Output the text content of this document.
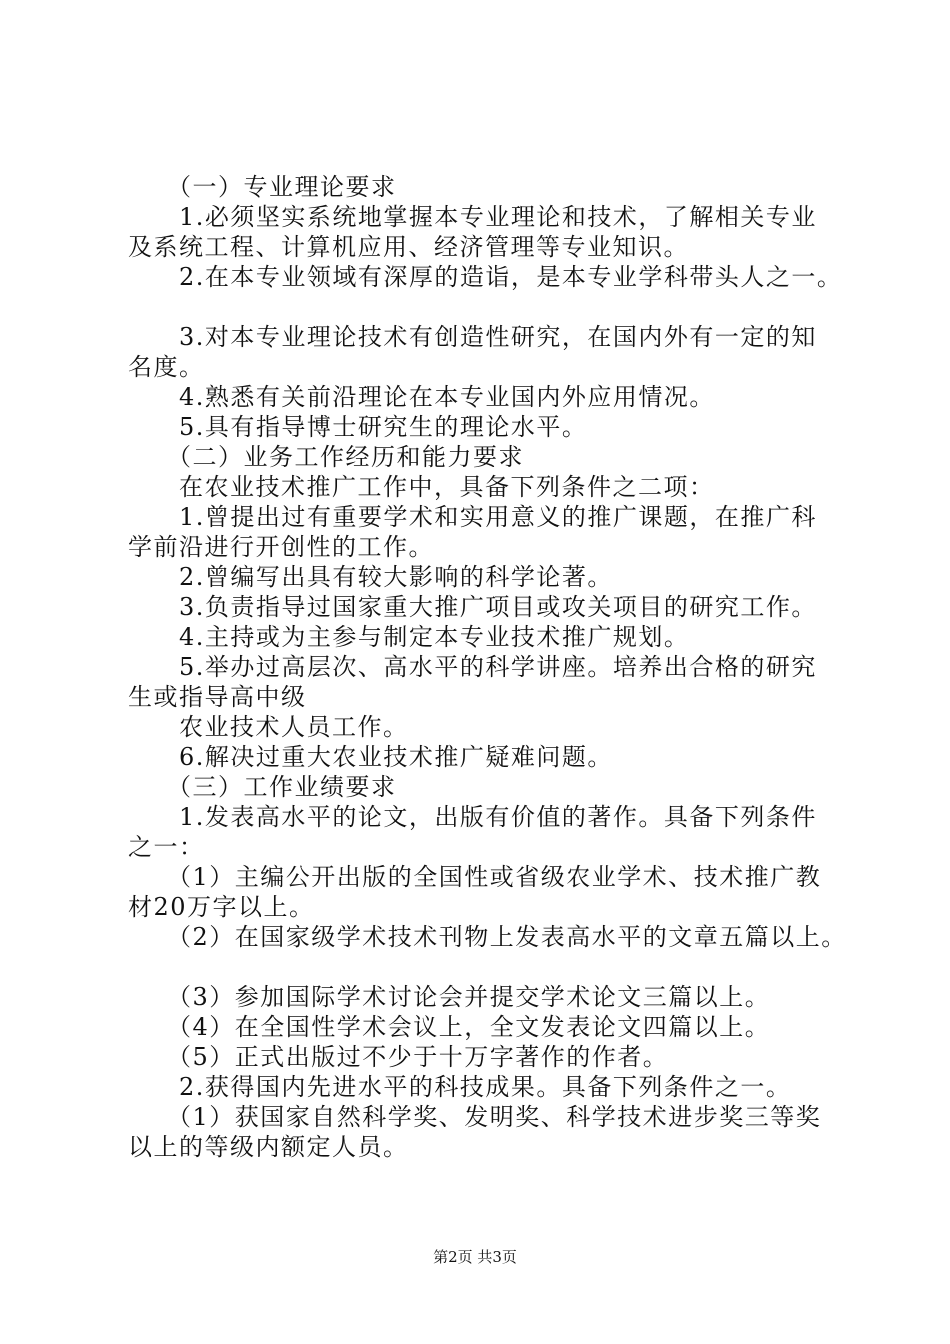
　　（一）专业理论要求
　　1.必须坚实系统地掌握本专业理论和技术，了解相关专业
及系统工程、计算机应用、经济管理等专业知识。
　　2.在本专业领域有深厚的造诣，是本专业学科带头人之一。
　　3.对本专业理论技术有创造性研究，在国内外有一定的知
名度。
　　4.熟悉有关前沿理论在本专业国内外应用情况。
　　5.具有指导博士研究生的理论水平。
　　（二）业务工作经历和能力要求
　　在农业技术推广工作中，具备下列条件之二项：
　　1.曾提出过有重要学术和实用意义的推广课题，在推广科
学前沿进行开创性的工作。
　　2.曾编写出具有较大影响的科学论著。
　　3.负责指导过国家重大推广项目或攻关项目的研究工作。
　　4.主持或为主参与制定本专业技术推广规划。
　　5.举办过高层次、高水平的科学讲座。培养出合格的研究
生或指导高中级
　　农业技术人员工作。
　　6.解决过重大农业技术推广疑难问题。
　　（三）工作业绩要求
　　1.发表高水平的论文，出版有价值的著作。具备下列条件
之一：
　　（1）主编公开出版的全国性或省级农业学术、技术推广教
材20万字以上。
　　（2）在国家级学术技术刊物上发表高水平的文章五篇以上。
　　（3）参加国际学术讨论会并提交学术论文三篇以上。
　　（4）在全国性学术会议上，全文发表论文四篇以上。
　　（5）正式出版过不少于十万字著作的作者。
　　2.获得国内先进水平的科技成果。具备下列条件之一。
　　（1）获国家自然科学奖、发明奖、科学技术进步奖三等奖
以上的等级内额定人员。
第2页 共3页
